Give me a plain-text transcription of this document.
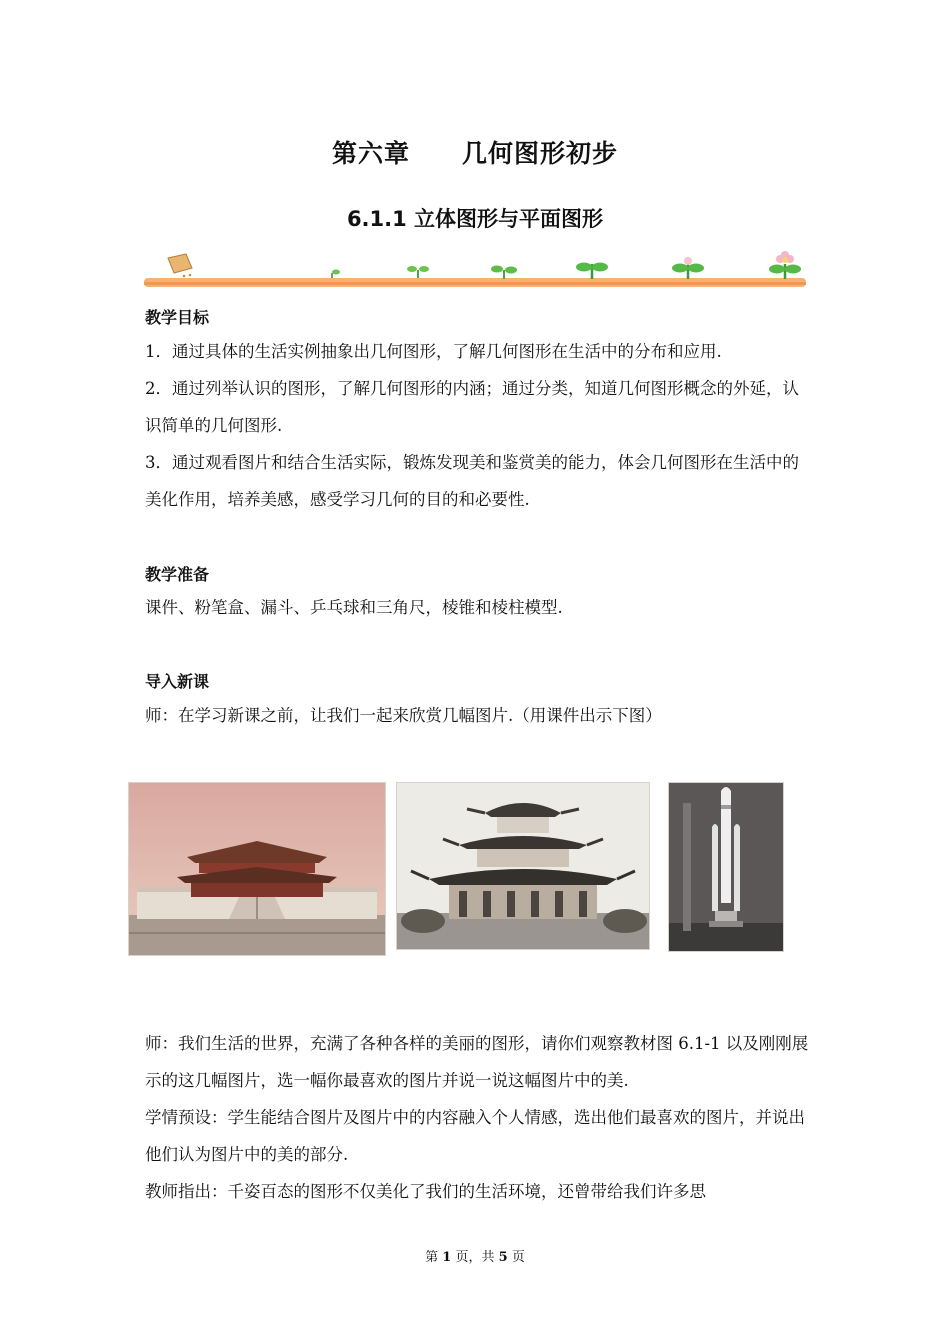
第六章 几何图形初步
6.1.1 立体图形与平面图形
教学目标
1．通过具体的生活实例抽象出几何图形，了解几何图形在生活中的分布和应用.
2．通过列举认识的图形，了解几何图形的内涵；通过分类，知道几何图形概念的外延，认识简单的几何图形.
3．通过观看图片和结合生活实际，锻炼发现美和鉴赏美的能力，体会几何图形在生活中的美化作用，培养美感，感受学习几何的目的和必要性.
教学准备
课件、粉笔盒、漏斗、乒乓球和三角尺，棱锥和棱柱模型.
导入新课
师：在学习新课之前，让我们一起来欣赏几幅图片.（用课件出示下图）
师：我们生活的世界，充满了各种各样的美丽的图形，请你们观察教材图 6.1-1 以及刚刚展示的这几幅图片，选一幅你最喜欢的图片并说一说这幅图片中的美.
学情预设：学生能结合图片及图片中的内容融入个人情感，选出他们最喜欢的图片，并说出他们认为图片中的美的部分.
教师指出：千姿百态的图形不仅美化了我们的生活环境，还曾带给我们许多思
第 1 页，共 5 页
